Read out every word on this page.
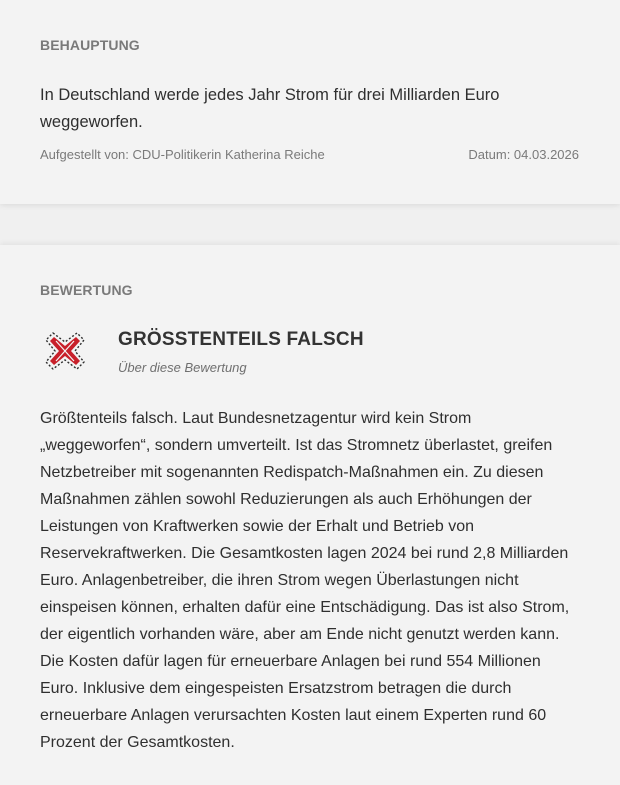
BEHAUPTUNG
In Deutschland werde jedes Jahr Strom für drei Milliarden Euro weggeworfen.
Aufgestellt von: CDU-Politikerin Katherina Reiche	Datum: 04.03.2026
BEWERTUNG
GRÖSSTENTEILS FALSCH
Über diese Bewertung
Größtenteils falsch. Laut Bundesnetzagentur wird kein Strom „weggeworfen“, sondern umverteilt. Ist das Stromnetz überlastet, greifen Netzbetreiber mit sogenannten Redispatch-Maßnahmen ein. Zu diesen Maßnahmen zählen sowohl Reduzierungen als auch Erhöhungen der Leistungen von Kraftwerken sowie der Erhalt und Betrieb von Reservekraftwerken. Die Gesamtkosten lagen 2024 bei rund 2,8 Milliarden Euro. Anlagenbetreiber, die ihren Strom wegen Überlastungen nicht einspeisen können, erhalten dafür eine Entschädigung. Das ist also Strom, der eigentlich vorhanden wäre, aber am Ende nicht genutzt werden kann. Die Kosten dafür lagen für erneuerbare Anlagen bei rund 554 Millionen Euro. Inklusive dem eingespeisten Ersatzstrom betragen die durch erneuerbare Anlagen verursachten Kosten laut einem Experten rund 60 Prozent der Gesamtkosten.
